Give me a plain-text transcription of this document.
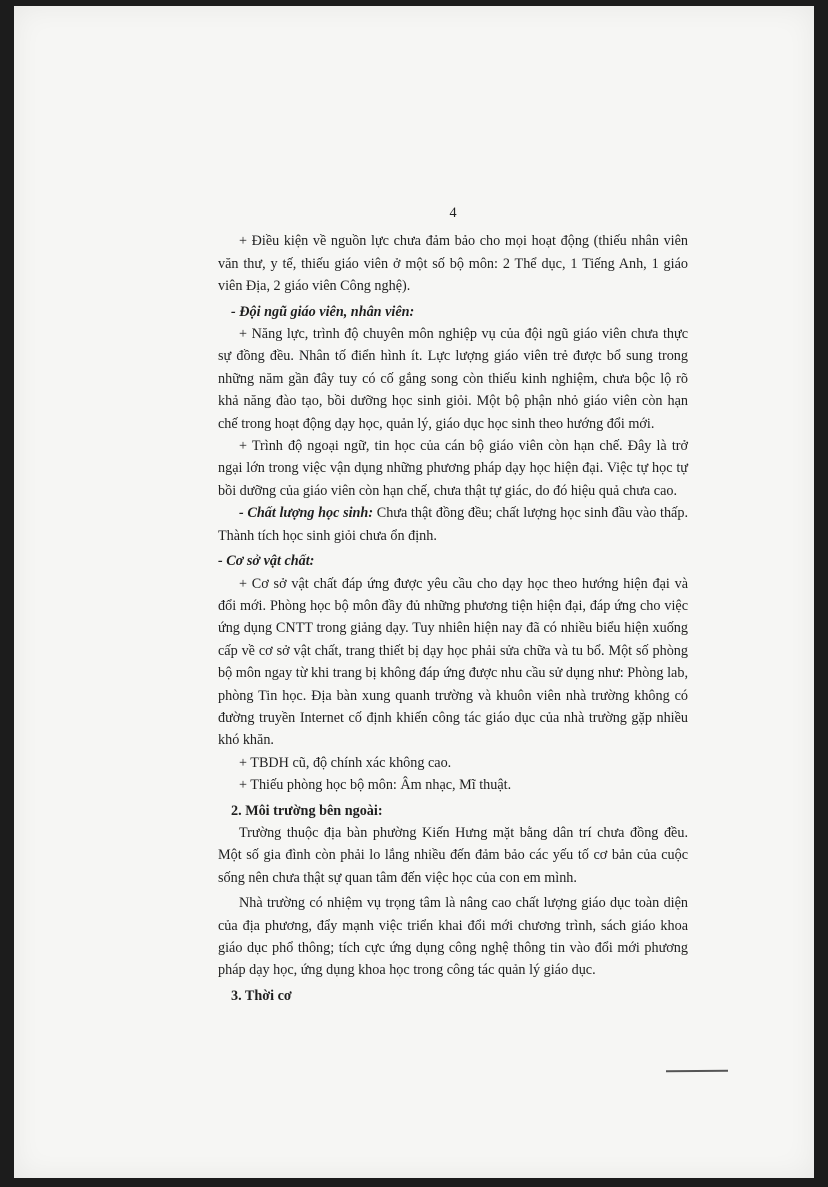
4

+ Điều kiện về nguồn lực chưa đảm bảo cho mọi hoạt động (thiếu nhân viên văn thư, y tế, thiếu giáo viên ở một số bộ môn: 2 Thể dục, 1 Tiếng Anh, 1 giáo viên Địa, 2 giáo viên Công nghệ).

- Đội ngũ giáo viên, nhân viên:

+ Năng lực, trình độ chuyên môn nghiệp vụ của đội ngũ giáo viên chưa thực sự đồng đều. Nhân tố điển hình ít. Lực lượng giáo viên trẻ được bổ sung trong những năm gần đây tuy có cố gắng song còn thiếu kinh nghiệm, chưa bộc lộ rõ khả năng đào tạo, bồi dưỡng học sinh giỏi. Một bộ phận nhỏ giáo viên còn hạn chế trong hoạt động dạy học, quản lý, giáo dục học sinh theo hướng đổi mới.

+ Trình độ ngoại ngữ, tin học của cán bộ giáo viên còn hạn chế. Đây là trở ngại lớn trong việc vận dụng những phương pháp dạy học hiện đại. Việc tự học tự bồi dưỡng của giáo viên còn hạn chế, chưa thật tự giác, do đó hiệu quả chưa cao.

- Chất lượng học sinh: Chưa thật đồng đều; chất lượng học sinh đầu vào thấp. Thành tích học sinh giỏi chưa ổn định.

- Cơ sở vật chất:

+ Cơ sở vật chất đáp ứng được yêu cầu cho dạy học theo hướng hiện đại và đổi mới. Phòng học bộ môn đầy đủ những phương tiện hiện đại, đáp ứng cho việc ứng dụng CNTT trong giảng dạy. Tuy nhiên hiện nay đã có nhiều biểu hiện xuống cấp về cơ sở vật chất, trang thiết bị dạy học phải sửa chữa và tu bổ. Một số phòng bộ môn ngay từ khi trang bị không đáp ứng được nhu cầu sử dụng như: Phòng lab, phòng Tin học. Địa bàn xung quanh trường và khuôn viên nhà trường không có đường truyền Internet cố định khiến công tác giáo dục của nhà trường gặp nhiều khó khăn.

+ TBDH cũ, độ chính xác không cao.

+ Thiếu phòng học bộ môn: Âm nhạc, Mĩ thuật.

2. Môi trường bên ngoài:

Trường thuộc địa bàn phường Kiến Hưng mặt bằng dân trí chưa đồng đều. Một số gia đình còn phải lo lắng nhiều đến đảm bảo các yếu tố cơ bản của cuộc sống nên chưa thật sự quan tâm đến việc học của con em mình.

Nhà trường có nhiệm vụ trọng tâm là nâng cao chất lượng giáo dục toàn diện của địa phương, đẩy mạnh việc triển khai đổi mới chương trình, sách giáo khoa giáo dục phổ thông; tích cực ứng dụng công nghệ thông tin vào đổi mới phương pháp dạy học, ứng dụng khoa học trong công tác quản lý giáo dục.

3. Thời cơ
